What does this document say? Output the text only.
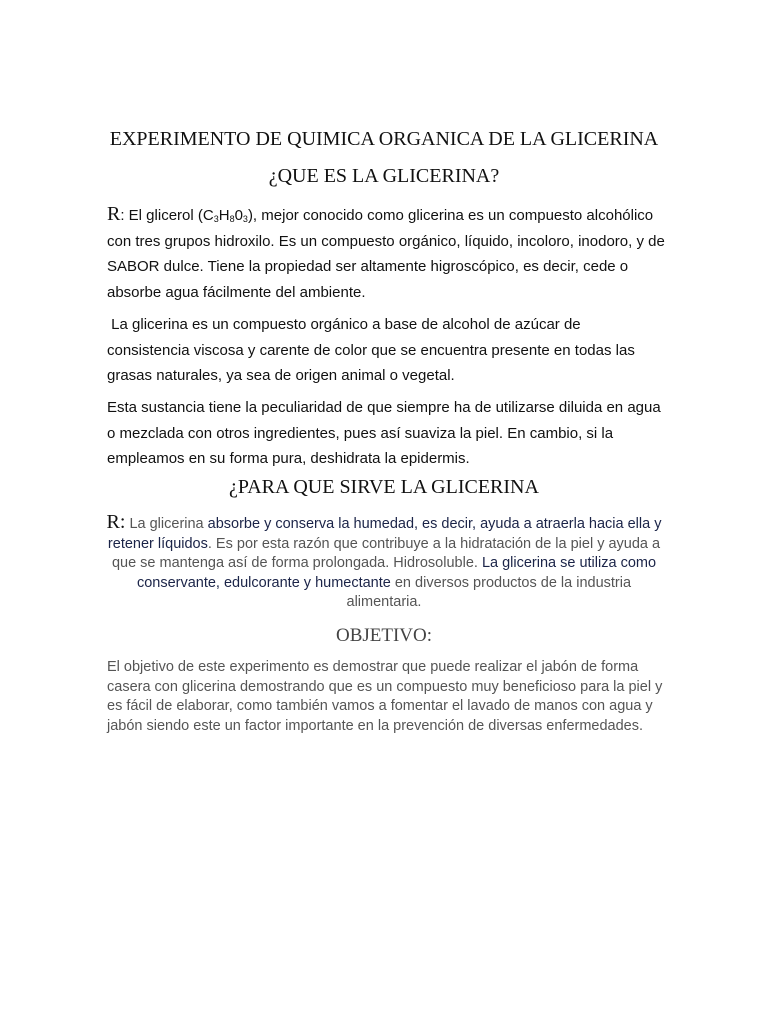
EXPERIMENTO DE QUIMICA ORGANICA DE LA GLICERINA
¿QUE ES LA GLICERINA?
R: El glicerol $(C_3H_80_3)$, mejor conocido como glicerina es un compuesto alcohólico con tres grupos hidroxilo. Es un compuesto orgánico, líquido, incoloro, inodoro, y de SABOR dulce. Tiene la propiedad ser altamente higroscópico, es decir, cede o absorbe agua fácilmente del ambiente.
La glicerina es un compuesto orgánico a base de alcohol de azúcar de consistencia viscosa y carente de color que se encuentra presente en todas las grasas naturales, ya sea de origen animal o vegetal.
Esta sustancia tiene la peculiaridad de que siempre ha de utilizarse diluida en agua o mezclada con otros ingredientes, pues así suaviza la piel. En cambio, si la empleamos en su forma pura, deshidrata la epidermis.
¿PARA QUE SIRVE LA GLICERINA
R: La glicerina absorbe y conserva la humedad, es decir, ayuda a atraerla hacia ella y retener líquidos. Es por esta razón que contribuye a la hidratación de la piel y ayuda a que se mantenga así de forma prolongada. Hidrosoluble. La glicerina se utiliza como conservante, edulcorante y humectante en diversos productos de la industria alimentaria.
OBJETIVO:
El objetivo de este experimento es demostrar que puede realizar el jabón de forma casera con glicerina demostrando que es un compuesto muy beneficioso para la piel y es fácil de elaborar, como también vamos a fomentar el lavado de manos con agua y jabón siendo este un factor importante en la prevención de diversas enfermedades.
